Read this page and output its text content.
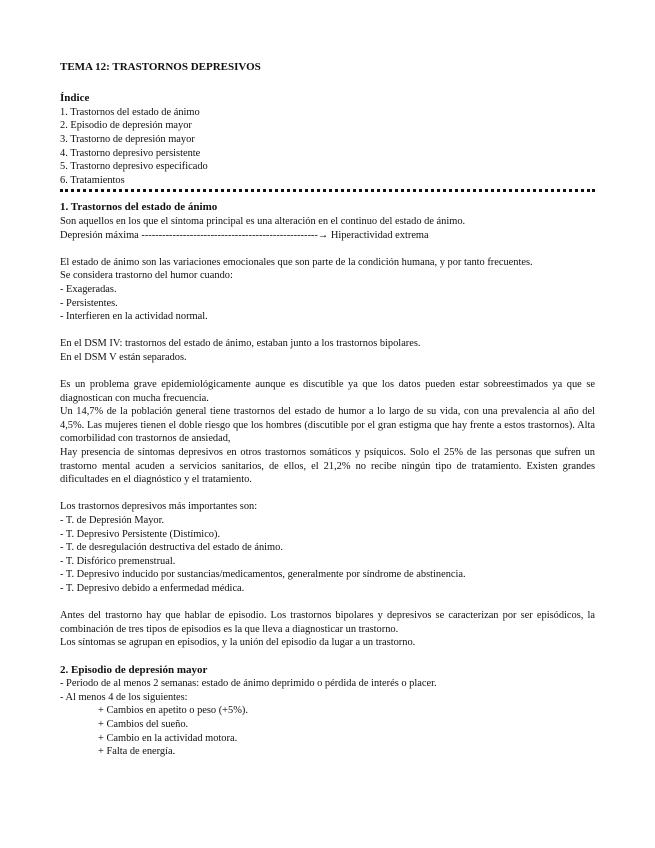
TEMA 12: TRASTORNOS DEPRESIVOS
Índice
1. Trastornos del estado de ánimo
2. Episodio de depresión mayor
3. Trastorno de depresión mayor
4. Trastorno depresivo persistente
5. Trastorno depresivo especificado
6. Tratamientos
1. Trastornos del estado de ánimo
Son aquellos en los que el síntoma principal es una alteración en el continuo del estado de ánimo.
Depresión máxima ---------------------------------------------------→ Hiperactividad extrema
El estado de ánimo son las variaciones emocionales que son parte de la condición humana, y por tanto frecuentes.
Se considera trastorno del humor cuando:
- Exageradas.
- Persistentes.
- Interfieren en la actividad normal.
En el DSM IV: trastornos del estado de ánimo, estaban junto a los trastornos bipolares.
En el DSM V están separados.
Es un problema grave epidemiológicamente aunque es discutible ya que los datos pueden estar sobreestimados ya que se diagnostican con mucha frecuencia.
Un 14,7% de la población general tiene trastornos del estado de humor a lo largo de su vida, con una prevalencia al año del 4,5%. Las mujeres tienen el doble riesgo que los hombres (discutible por el gran estigma que hay frente a estos trastornos). Alta comorbilidad con trastornos de ansiedad,
Hay presencia de síntomas depresivos en otros trastornos somáticos y psíquicos. Solo el 25% de las personas que sufren un trastorno mental acuden a servicios sanitarios, de ellos, el 21,2% no recibe ningún tipo de tratamiento. Existen grandes dificultades en el diagnóstico y el tratamiento.
Los trastornos depresivos más importantes son:
- T. de Depresión Mayor.
- T. Depresivo Persistente (Distímico).
- T. de desregulación destructiva del estado de ánimo.
- T. Disfórico premenstrual.
- T. Depresivo inducido por sustancias/medicamentos, generalmente por síndrome de abstinencia.
- T. Depresivo debido a enfermedad médica.
Antes del trastorno hay que hablar de episodio. Los trastornos bipolares y depresivos se caracterizan por ser episódicos, la combinación de tres tipos de episodios es la que lleva a diagnosticar un trastorno.
Los síntomas se agrupan en episodios, y la unión del episodio da lugar a un trastorno.
2. Episodio de depresión mayor
- Periodo de al menos 2 semanas: estado de ánimo deprimido o pérdida de interés o placer.
- Al menos 4 de los siguientes:
+ Cambios en apetito o peso (+5%).
+ Cambios del sueño.
+ Cambio en la actividad motora.
+ Falta de energía.
